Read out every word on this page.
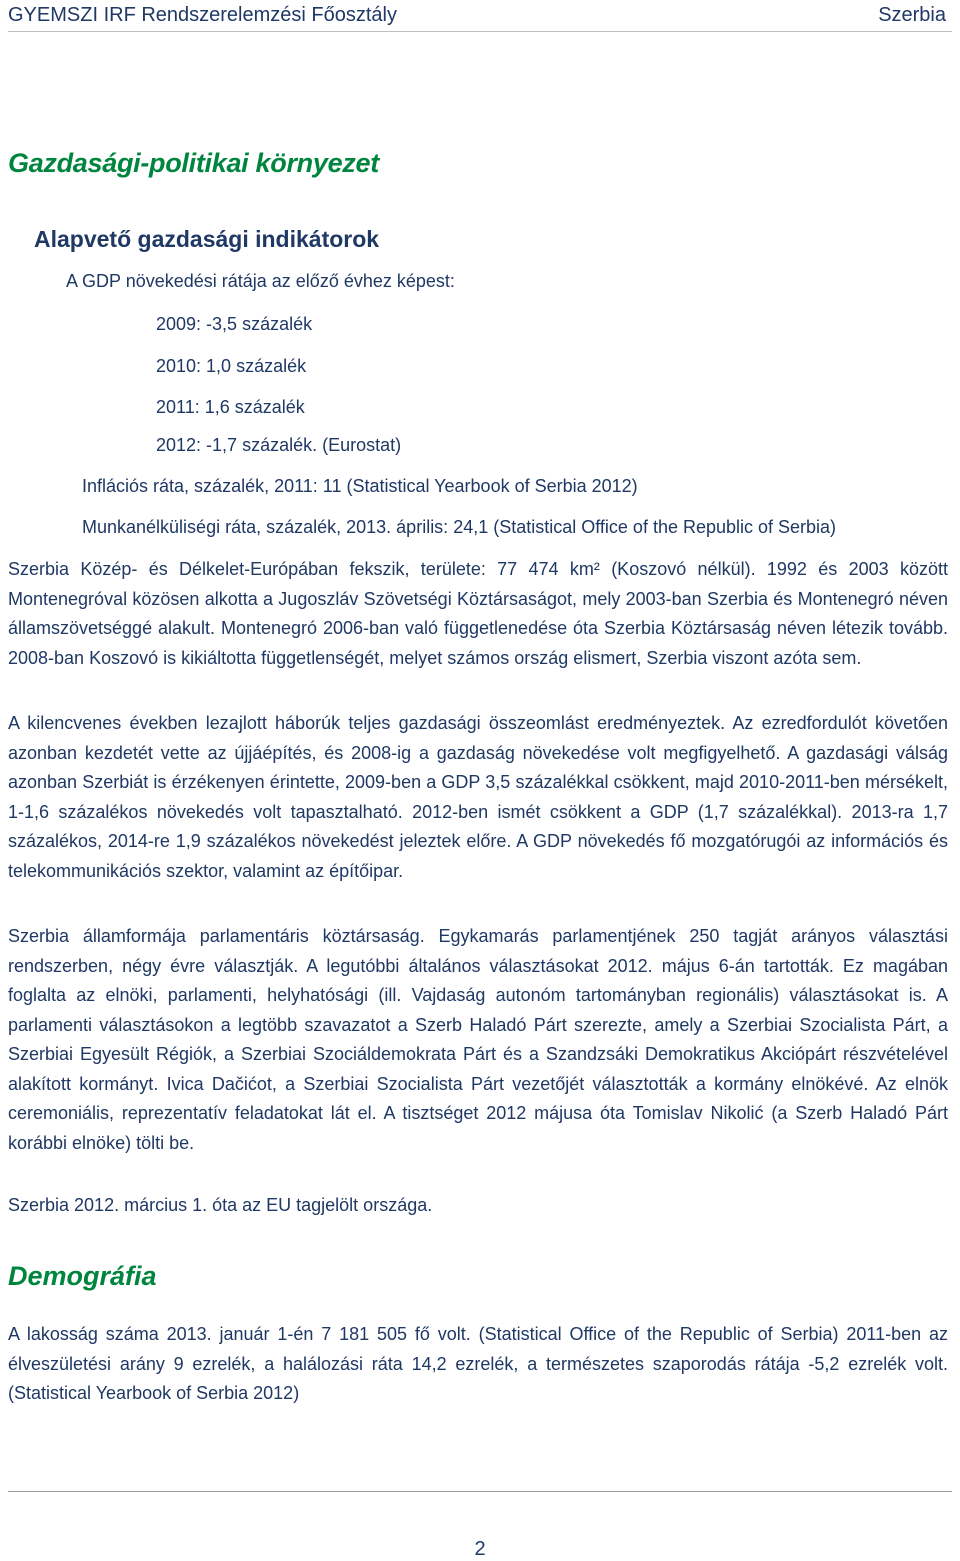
GYEMSZI IRF Rendszerelemzési Főosztály	Szerbia
Gazdasági-politikai környezet
Alapvető gazdasági indikátorok
A GDP növekedési rátája az előző évhez képest:
2009: -3,5 százalék
2010: 1,0 százalék
2011: 1,6 százalék
2012: -1,7 százalék. (Eurostat)
Inflációs ráta, százalék, 2011: 11 (Statistical Yearbook of Serbia 2012)
Munkanélküliségi ráta, százalék, 2013. április: 24,1 (Statistical Office of the Republic of Serbia)

Szerbia Közép- és Délkelet-Európában fekszik, területe: 77 474 km² (Koszovó nélkül). 1992 és 2003 között Montenegróval közösen alkotta a Jugoszláv Szövetségi Köztársaságot, mely 2003-ban Szerbia és Montenegró néven államszövetséggé alakult. Montenegró 2006-ban való függetlenedése óta Szerbia Köztársaság néven létezik tovább. 2008-ban Koszovó is kikiáltotta függetlenségét, melyet számos ország elismert, Szerbia viszont azóta sem.

A kilencvenes években lezajlott háborúk teljes gazdasági összeomlást eredményeztek. Az ezredfordulót követően azonban kezdetét vette az újjáépítés, és 2008-ig a gazdaság növekedése volt megfigyelhető. A gazdasági válság azonban Szerbiát is érzékenyen érintette, 2009-ben a GDP 3,5 százalékkal csökkent, majd 2010-2011-ben mérsékelt, 1-1,6 százalékos növekedés volt tapasztalható. 2012-ben ismét csökkent a GDP (1,7 százalékkal). 2013-ra 1,7 százalékos, 2014-re 1,9 százalékos növekedést jeleztek előre. A GDP növekedés fő mozgatórugói az információs és telekommunikációs szektor, valamint az építőipar.

Szerbia államformája parlamentáris köztársaság. Egykamarás parlamentjének 250 tagját arányos választási rendszerben, négy évre választják. A legutóbbi általános választásokat 2012. május 6-án tartották. Ez magában foglalta az elnöki, parlamenti, helyhatósági (ill. Vajdaság autonóm tartományban regionális) választásokat is. A parlamenti választásokon a legtöbb szavazatot a Szerb Haladó Párt szerezte, amely a Szerbiai Szocialista Párt, a Szerbiai Egyesült Régiók, a Szerbiai Szociáldemokrata Párt és a Szandzsáki Demokratikus Akciópárt részvételével alakított kormányt. Ivica Dačićot, a Szerbiai Szocialista Párt vezetőjét választották a kormány elnökévé. Az elnök ceremoniális, reprezentatív feladatokat lát el. A tisztséget 2012 májusa óta Tomislav Nikolić (a Szerb Haladó Párt korábbi elnöke) tölti be.

Szerbia 2012. március 1. óta az EU tagjelölt országa.

Demográfia

A lakosság száma 2013. január 1-én 7 181 505 fő volt. (Statistical Office of the Republic of Serbia) 2011-ben az élveszületési arány 9 ezrelék, a halálozási ráta 14,2 ezrelék, a természetes szaporodás rátája -5,2 ezrelék volt. (Statistical Yearbook of Serbia 2012)

2
